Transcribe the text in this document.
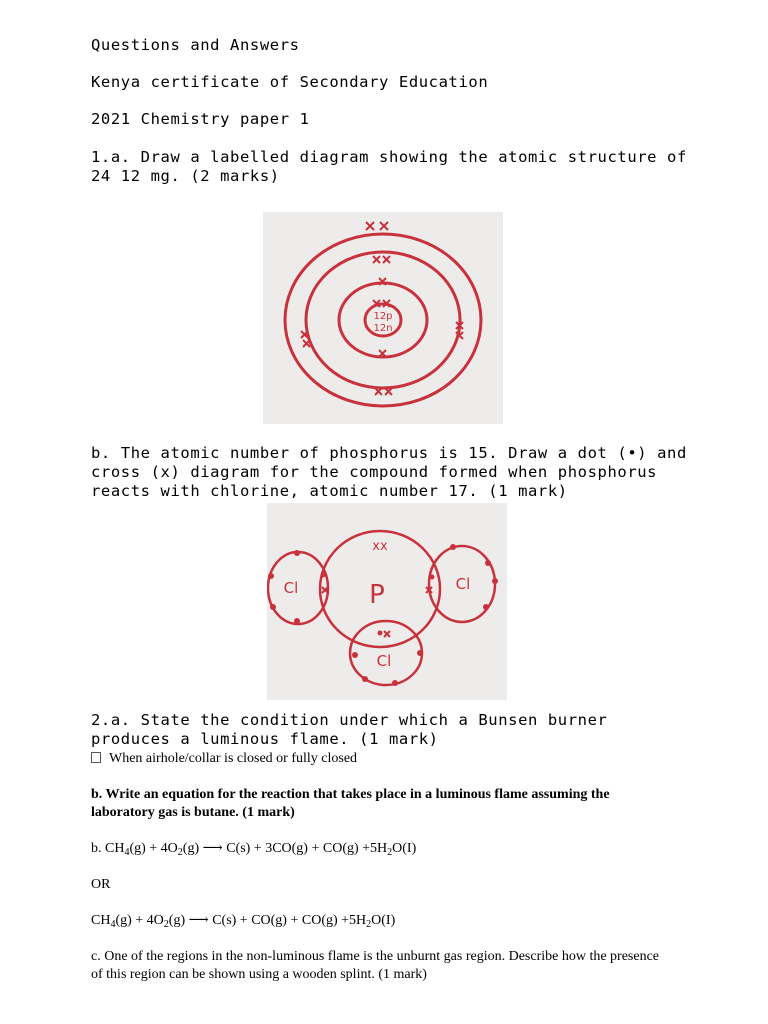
Questions and Answers

Kenya certificate of Secondary Education

2021 Chemistry paper 1

1.a. Draw a labelled diagram showing the atomic structure of 24 12 mg. (2 marks)

12p
12n

b. The atomic number of phosphorus is 15. Draw a dot (•) and cross (x) diagram for the compound formed when phosphorus reacts with chlorine, atomic number 17. (1 mark)

xx
P
Cl	Cl
Cl

2.a. State the condition under which a Bunsen burner produces a luminous flame. (1 mark)

When airhole/collar is closed or fully closed

b. Write an equation for the reaction that takes place in a luminous flame assuming the laboratory gas is butane. (1 mark)

b. $CH_4(g) + 4O_2(g)$ ⟶ $C(s) + 3CO(g) + CO(g) +5H_2O(I)$

OR

$CH_4(g) + 4O_2(g)$ ⟶ $C(s) + CO(g) + CO(g) +5H_2O(I)$

c. One of the regions in the non-luminous flame is the unburnt gas region. Describe how the presence of this region can be shown using a wooden splint. (1 mark)
